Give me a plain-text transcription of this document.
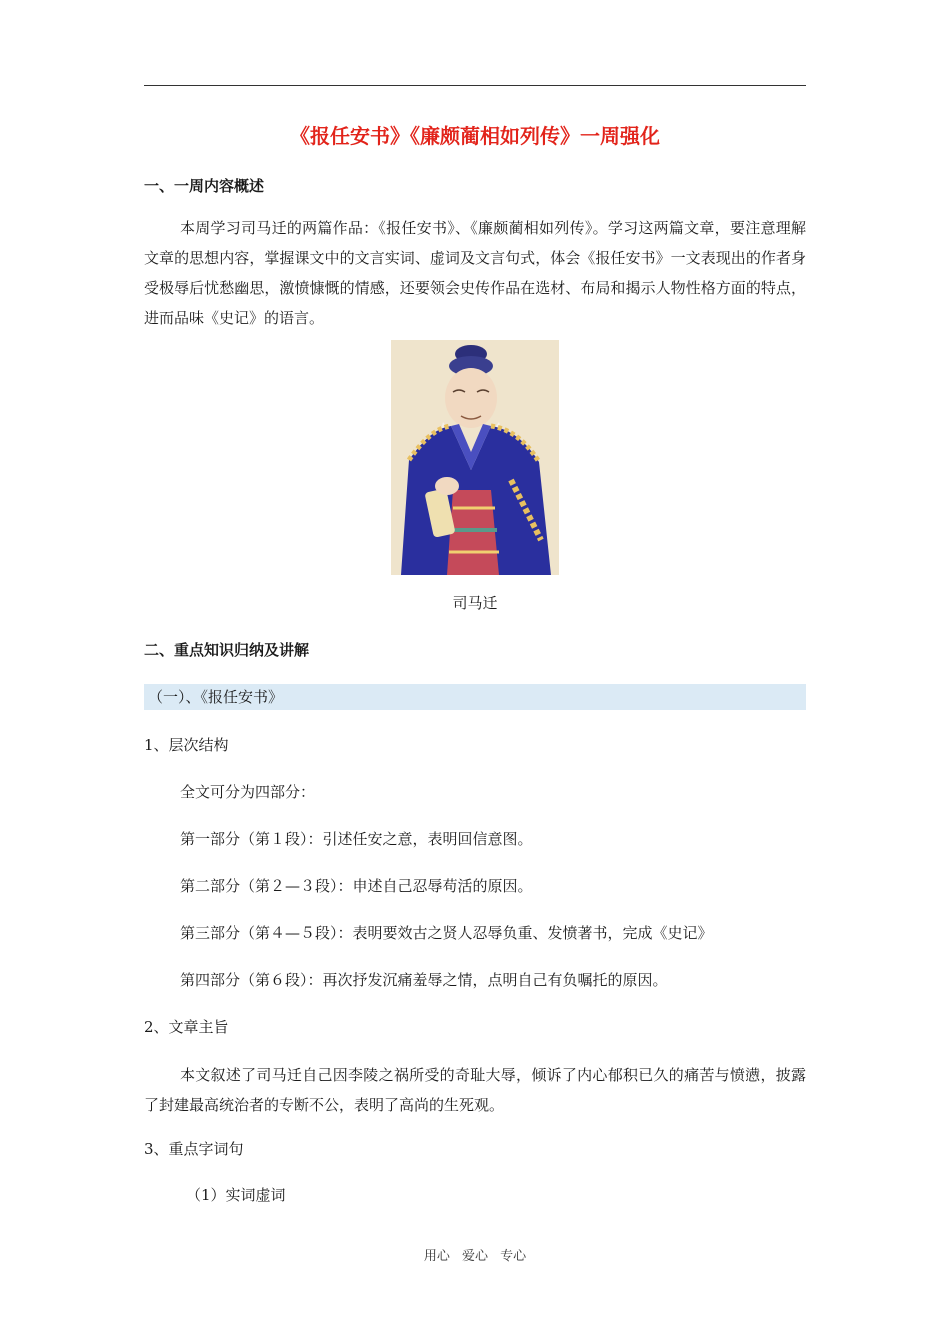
《报任安书》《廉颇蔺相如列传》一周强化
一、一周内容概述
本周学习司马迁的两篇作品：《报任安书》、《廉颇蔺相如列传》。学习这两篇文章，要注意理解文章的思想内容，掌握课文中的文言实词、虚词及文言句式，体会《报任安书》一文表现出的作者身受极辱后忧愁幽思，激愤慷慨的情感，还要领会史传作品在选材、布局和揭示人物性格方面的特点，进而品味《史记》的语言。
司马迁
二、重点知识归纳及讲解
（一）、《报任安书》
1、层次结构
全文可分为四部分：
第一部分（第１段）：引述任安之意，表明回信意图。
第二部分（第２—３段）：申述自己忍辱苟活的原因。
第三部分（第４—５段）：表明要效古之贤人忍辱负重、发愤著书，完成《史记》
第四部分（第６段）：再次抒发沉痛羞辱之情，点明自己有负嘱托的原因。
2、文章主旨
本文叙述了司马迁自己因李陵之祸所受的奇耻大辱，倾诉了内心郁积已久的痛苦与愤懑，披露了封建最高统治者的专断不公，表明了高尚的生死观。
3、重点字词句
（1）实词虚词
用心 爱心 专心
